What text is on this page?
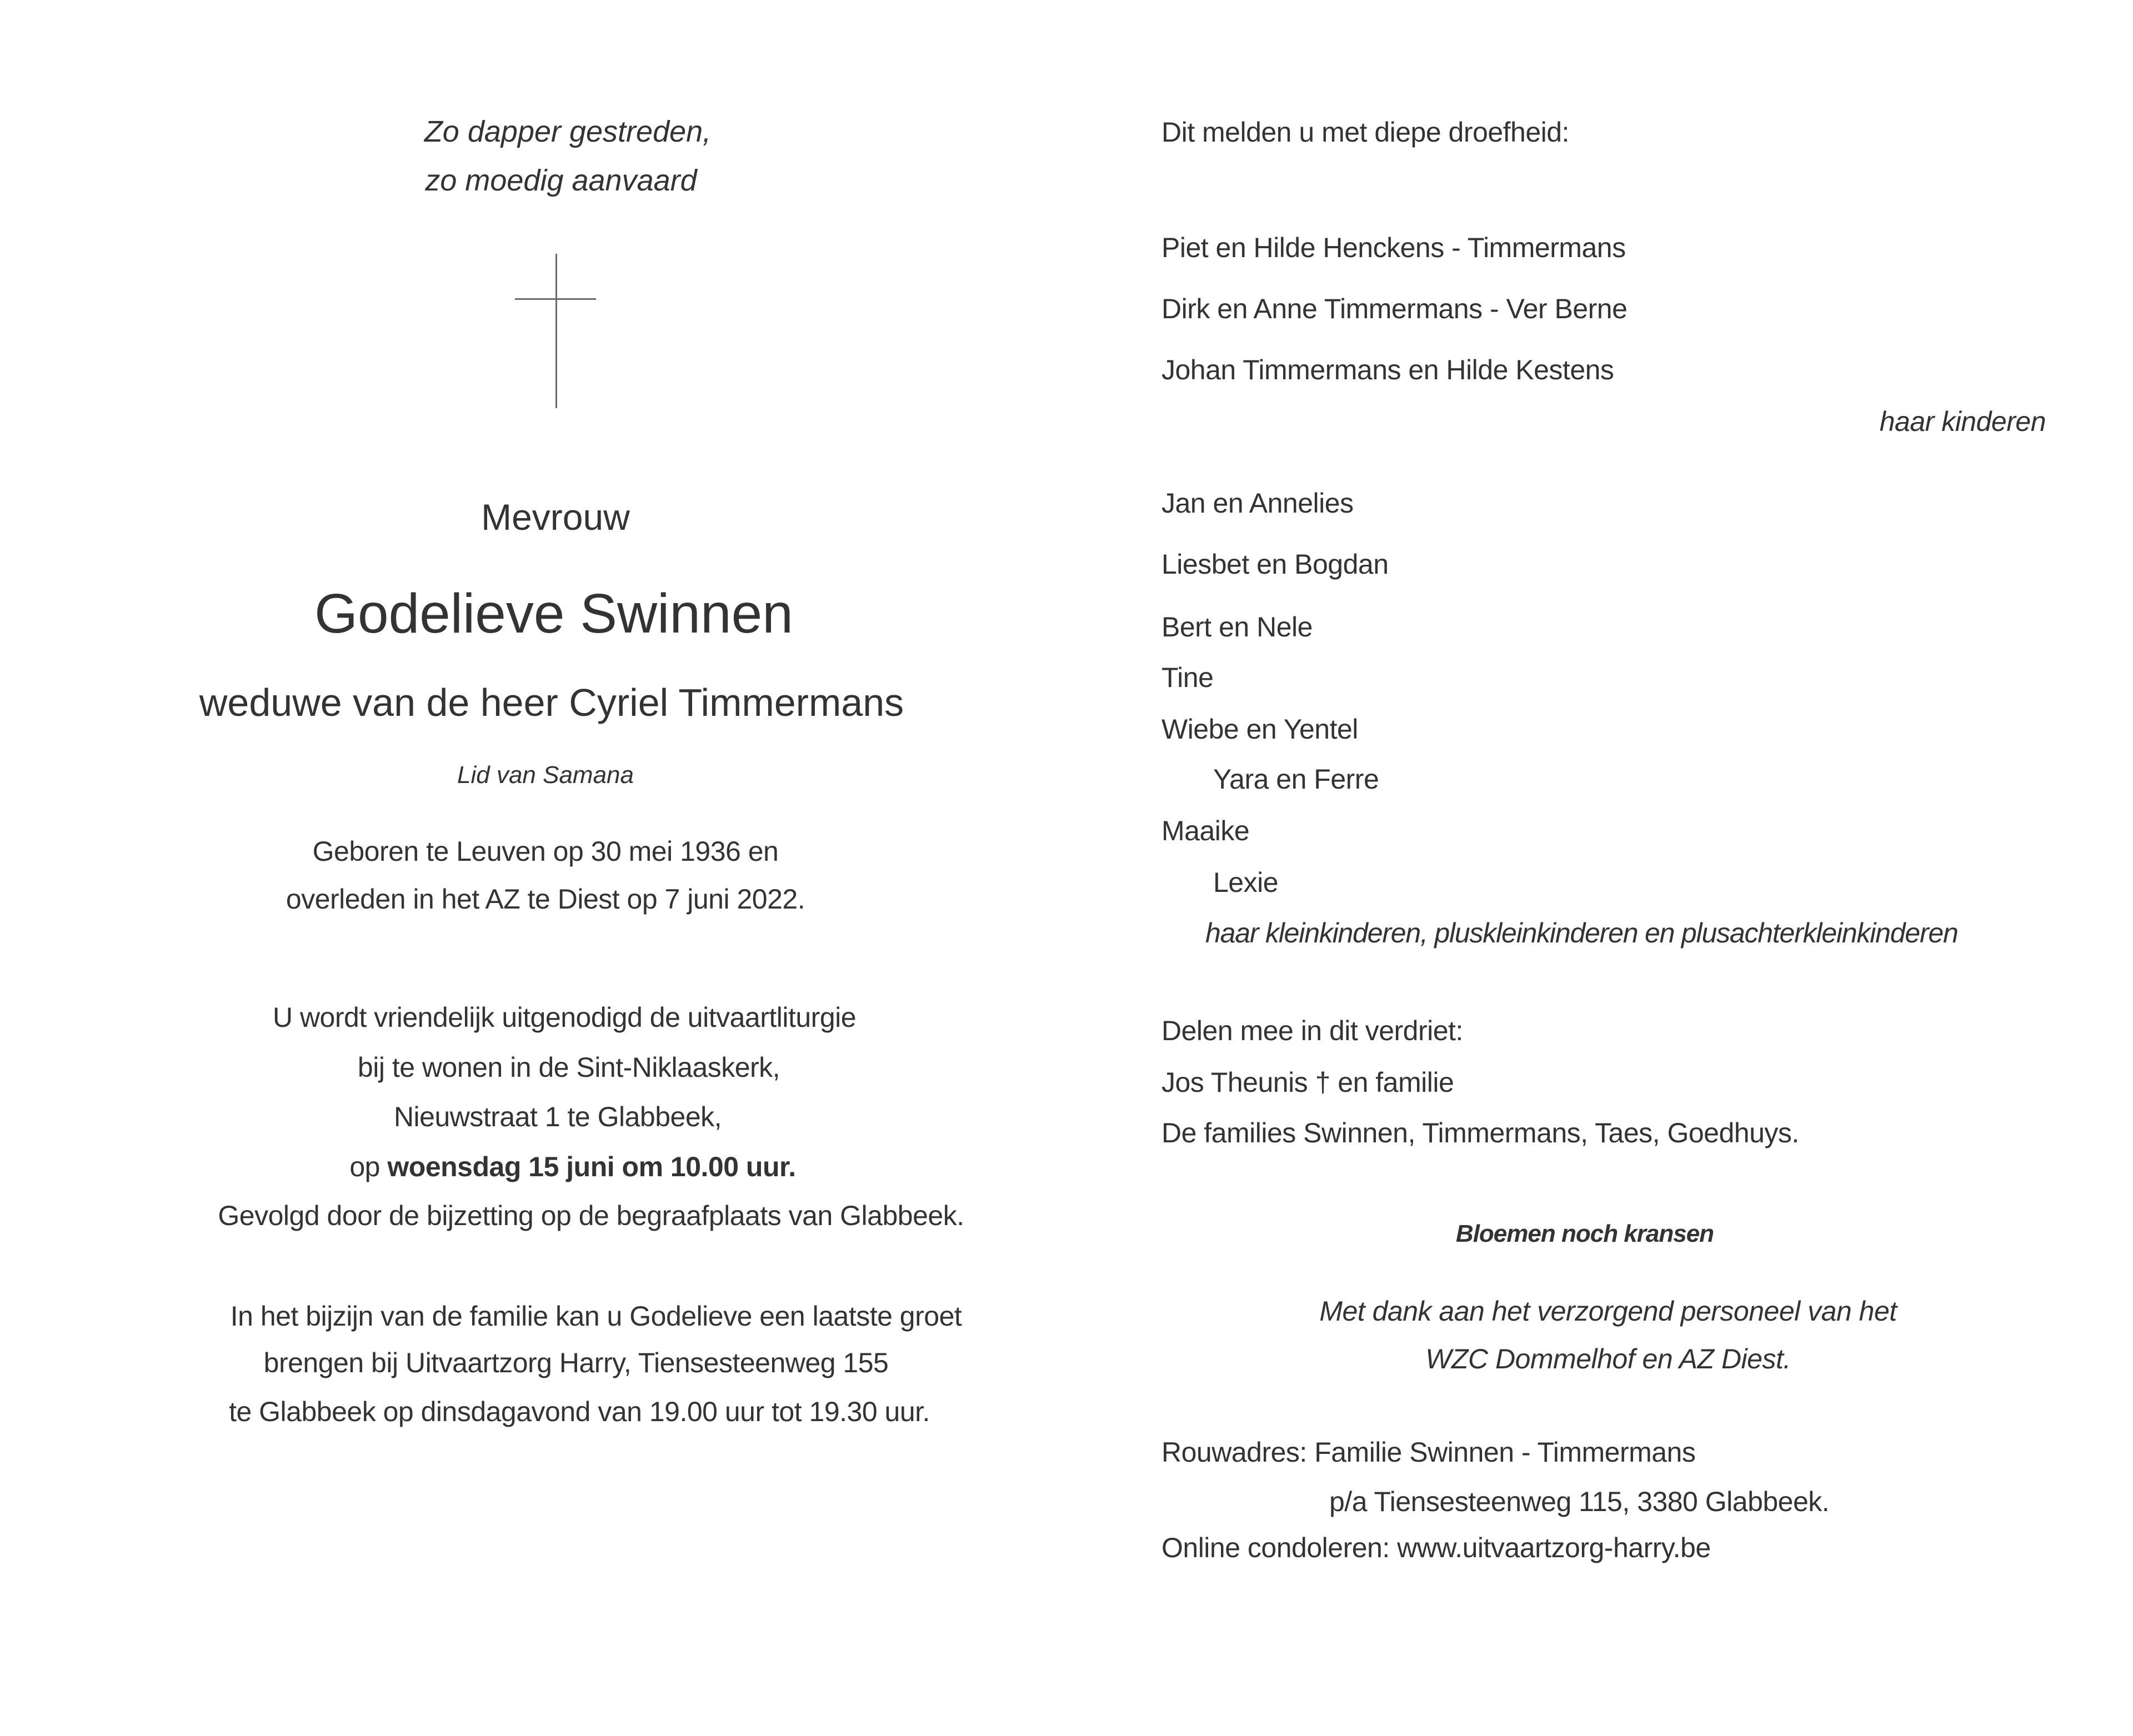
Zo dapper gestreden,
zo moedig aanvaard
Mevrouw
Godelieve Swinnen
weduwe van de heer Cyriel Timmermans
Lid van Samana
Geboren te Leuven op 30 mei 1936 en
overleden in het AZ te Diest op 7 juni 2022.
U wordt vriendelijk uitgenodigd de uitvaartliturgie
bij te wonen in de Sint-Niklaaskerk,
Nieuwstraat 1 te Glabbeek,
op woensdag 15 juni om 10.00 uur.
Gevolgd door de bijzetting op de begraafplaats van Glabbeek.
In het bijzijn van de familie kan u Godelieve een laatste groet
brengen bij Uitvaartzorg Harry, Tiensesteenweg 155
te Glabbeek op dinsdagavond van 19.00 uur tot 19.30 uur.
Dit melden u met diepe droefheid:
Piet en Hilde Henckens - Timmermans
Dirk en Anne Timmermans - Ver Berne
Johan Timmermans en Hilde Kestens
haar kinderen
Jan en Annelies
Liesbet en Bogdan
Bert en Nele
Tine
Wiebe en Yentel
Yara en Ferre
Maaike
Lexie
haar kleinkinderen, pluskleinkinderen en plusachterkleinkinderen
Delen mee in dit verdriet:
Jos Theunis † en familie
De families Swinnen, Timmermans, Taes, Goedhuys.
Bloemen noch kransen
Met dank aan het verzorgend personeel van het
WZC Dommelhof en AZ Diest.
Rouwadres: Familie Swinnen - Timmermans
p/a Tiensesteenweg 115, 3380 Glabbeek.
Online condoleren: www.uitvaartzorg-harry.be
